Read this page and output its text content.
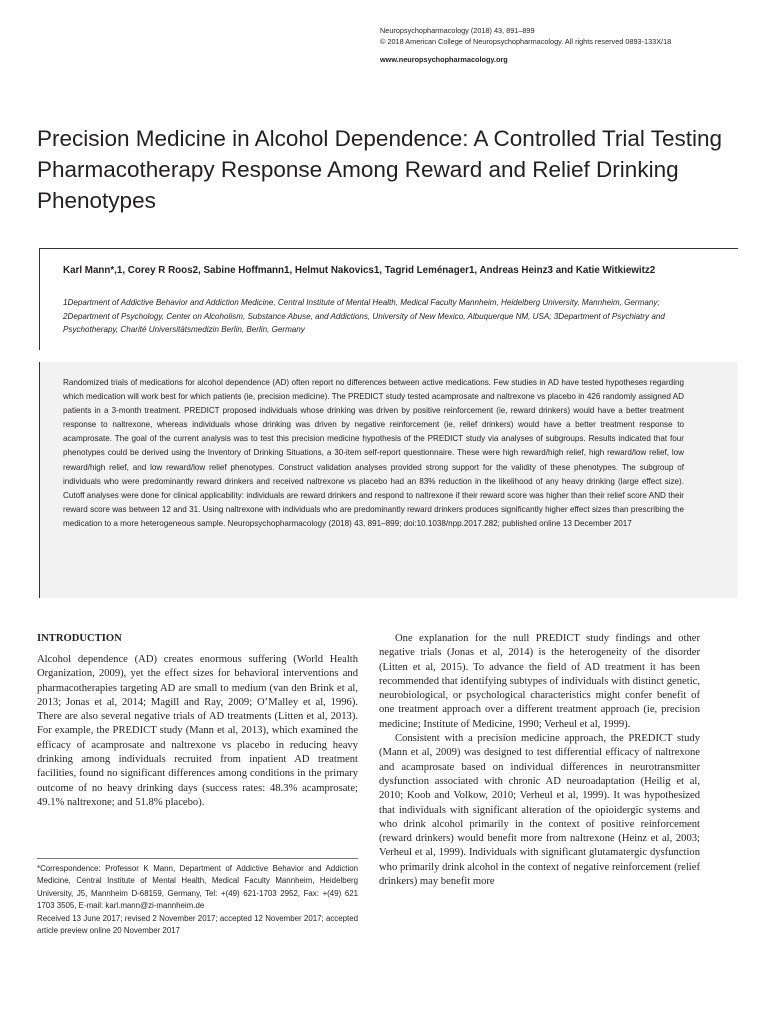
Neuropsychopharmacology (2018) 43, 891–899
© 2018 American College of Neuropsychopharmacology. All rights reserved 0893-133X/18
www.neuropsychopharmacology.org
Precision Medicine in Alcohol Dependence: A Controlled Trial Testing Pharmacotherapy Response Among Reward and Relief Drinking Phenotypes

Karl Mann*,1, Corey R Roos2, Sabine Hoffmann1, Helmut Nakovics1, Tagrid Leménager1, Andreas Heinz3 and Katie Witkiewitz2

1Department of Addictive Behavior and Addiction Medicine, Central Institute of Mental Health, Medical Faculty Mannheim, Heidelberg University, Mannheim, Germany; 2Department of Psychology, Center on Alcoholism, Substance Abuse, and Addictions, University of New Mexico, Albuquerque NM, USA; 3Department of Psychiatry and Psychotherapy, Charité Universitätsmedizin Berlin, Berlin, Germany

Randomized trials of medications for alcohol dependence (AD) often report no differences between active medications. Few studies in AD have tested hypotheses regarding which medication will work best for which patients (ie, precision medicine). The PREDICT study tested acamprosate and naltrexone vs placebo in 426 randomly assigned AD patients in a 3-month treatment. PREDICT proposed individuals whose drinking was driven by positive reinforcement (ie, reward drinkers) would have a better treatment response to naltrexone, whereas individuals whose drinking was driven by negative reinforcement (ie, relief drinkers) would have a better treatment response to acamprosate. The goal of the current analysis was to test this precision medicine hypothesis of the PREDICT study via analyses of subgroups. Results indicated that four phenotypes could be derived using the Inventory of Drinking Situations, a 30-item self-report questionnaire. These were high reward/high relief, high reward/low relief, low reward/high relief, and low reward/low relief phenotypes. Construct validation analyses provided strong support for the validity of these phenotypes. The subgroup of individuals who were predominantly reward drinkers and received naltrexone vs placebo had an 83% reduction in the likelihood of any heavy drinking (large effect size). Cutoff analyses were done for clinical applicability: individuals are reward drinkers and respond to naltrexone if their reward score was higher than their relief score AND their reward score was between 12 and 31. Using naltrexone with individuals who are predominantly reward drinkers produces significantly higher effect sizes than prescribing the medication to a more heterogeneous sample. Neuropsychopharmacology (2018) 43, 891–899; doi:10.1038/npp.2017.282; published online 13 December 2017

INTRODUCTION

Alcohol dependence (AD) creates enormous suffering (World Health Organization, 2009), yet the effect sizes for behavioral interventions and pharmacotherapies targeting AD are small to medium (van den Brink et al, 2013; Jonas et al, 2014; Magill and Ray, 2009; O’Malley et al, 1996). There are also several negative trials of AD treatments (Litten et al, 2013). For example, the PREDICT study (Mann et al, 2013), which examined the efficacy of acamprosate and naltrexone vs placebo in reducing heavy drinking among individuals recruited from inpatient AD treatment facilities, found no significant differences among conditions in the primary outcome of no heavy drinking days (success rates: 48.3% acamprosate; 49.1% naltrexone; and 51.8% placebo).

*Correspondence: Professor K Mann, Department of Addictive Behavior and Addiction Medicine, Central Institute of Mental Health, Medical Faculty Mannheim, Heidelberg University, J5, Mannheim D-68159, Germany, Tel: +(49) 621-1703 2952, Fax: +(49) 621 1703 3505, E-mail: karl.mann@zi-mannheim.de

Received 13 June 2017; revised 2 November 2017; accepted 12 November 2017; accepted article preview online 20 November 2017

One explanation for the null PREDICT study findings and other negative trials (Jonas et al, 2014) is the heterogeneity of the disorder (Litten et al, 2015). To advance the field of AD treatment it has been recommended that identifying subtypes of individuals with distinct genetic, neurobiological, or psychological characteristics might confer benefit of one treatment approach over a different treatment approach (ie, precision medicine; Institute of Medicine, 1990; Verheul et al, 1999).

Consistent with a precision medicine approach, the PREDICT study (Mann et al, 2009) was designed to test differential efficacy of naltrexone and acamprosate based on individual differences in neurotransmitter dysfunction associated with chronic AD neuroadaptation (Heilig et al, 2010; Koob and Volkow, 2010; Verheul et al, 1999). It was hypothesized that individuals with significant alteration of the opioidergic systems and who drink alcohol primarily in the context of positive reinforcement (reward drinkers) would benefit more from naltrexone (Heinz et al, 2003; Verheul et al, 1999). Individuals with significant glutamatergic dysfunction who primarily drink alcohol in the context of negative reinforcement (relief drinkers) may benefit more
